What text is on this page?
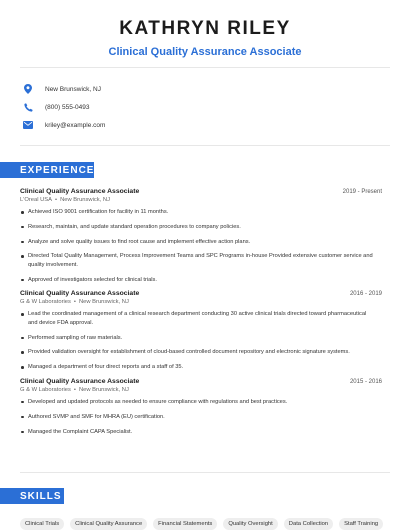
KATHRYN RILEY
Clinical Quality Assurance Associate
New Brunswick, NJ
(800) 555-0493
kriley@example.com
EXPERIENCE
Clinical Quality Assurance Associate	2019 - Present
L'Oreal USA • New Brunswick, NJ
Achieved ISO 9001 certification for facility in 11 months.
Research, maintain, and update standard operation procedures to company policies.
Analyze and solve quality issues to find root cause and implement effective action plans.
Directed Total Quality Management, Process Improvement Teams and SPC Programs in-house Provided extensive customer service and quality involvement.
Approved of investigators selected for clinical trials.
Clinical Quality Assurance Associate	2016 - 2019
G & W Laboratories • New Brunswick, NJ
Lead the coordinated management of a clinical research department conducting 30 active clinical trials directed toward pharmaceutical and device FDA approval.
Performed sampling of raw materials.
Provided validation oversight for establishment of cloud-based controlled document repository and electronic signature systems.
Managed a department of four direct reports and a staff of 35.
Clinical Quality Assurance Associate	2015 - 2016
G & W Laboratories • New Brunswick, NJ
Developed and updated protocols as needed to ensure compliance with regulations and best practices.
Authored SVMP and SMF for MHRA (EU) certification.
Managed the Complaint CAPA Specialist.
SKILLS
Clinical Trials	Clinical Quality Assurance	Financial Statements	Quality Oversight	Data Collection	Staff Training
